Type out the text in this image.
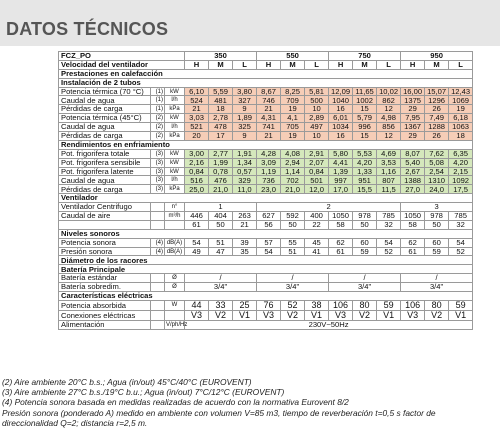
DATOS TÉCNICOS
FCZ_PO			350			550			750			950		
Velocidad del ventilador			H	M	L	H	M	L	H	M	L	H	M	L
Prestaciones en calefacción														
Instalación de 2 tubos														
Potencia térmica (70 °C)	(1)	kW	6,10	5,59	3,80	8,67	8,25	5,81	12,09	11,65	10,02	16,00	15,07	12,43
Caudal de agua	(1)	l/h	524	481	327	746	709	500	1040	1002	862	1375	1296	1069
Pérdidas de carga	(1)	kPa	21	18	9	21	19	10	16	15	12	29	26	19
Potencia térmica (45°C)	(2)	kW	3,03	2,78	1,89	4,31	4,1	2,89	6,01	5,79	4,98	7,95	7,49	6,18
Caudal de agua	(2)	l/h	521	478	325	741	705	497	1034	996	856	1367	1288	1063
Pérdidas de carga	(2)	kPa	20	17	9	21	19	10	16	15	12	29	26	18
Rendimientos en enfriamiento														
Pot. frigorifera totale	(3)	kW	3,00	2,77	1,91	4,28	4,08	2,91	5,80	5,53	4,69	8,07	7,62	6,35
Pot. frigorifera sensibile	(3)	kW	2,16	1,99	1,34	3,09	2,94	2,07	4,41	4,20	3,53	5,40	5,08	4,20
Pot. frigorifera latente	(3)	kW	0,84	0,78	0,57	1,19	1,14	0,84	1,39	1,33	1,16	2,67	2,54	2,15
Caudal de agua	(3)	l/h	516	476	329	736	702	501	997	951	807	1388	1310	1092
Pérdidas de carga	(3)	kPa	25,0	21,0	11,0	23,0	21,0	12,0	17,0	15,5	11,5	27,0	24,0	17,5
Ventilador														
Ventilador Centrifugo		n°	1			2						3		
Caudal de aire		m³/h	446	404	263	627	592	400	1050	978	785	1050	978	785
			61	50	21	56	50	22	58	50	32	58	50	32
Niveles sonoros														
Potencia sonora	(4)	dB(A)	54	51	39	57	55	45	62	60	54	62	60	54
Presión sonora	(4)	dB(A)	49	47	35	54	51	41	61	59	52	61	59	52
Diámetro de los racores														
Batería Principale														
Batería estándar		Ø	/			/			/			/		
Batería sobredim.		Ø	3/4"			3/4"			3/4"			3/4"		
Características eléctricas														
Potencia absorbida		W	44	33	25	76	52	38	106	80	59	106	80	59
Conexiones eléctricas			V3	V2	V1	V3	V2	V1	V3	V2	V1	V3	V2	V1
Alimentación		V/ph/Hz	230V~50Hz											
(2) Aire ambiente 20°C b.s.; Agua (in/out) 45°C/40°C (EUROVENT)
(3) Aire ambiente 27°C b.s./19°C b.u.; Agua (in/out) 7°C/12°C (EUROVENT)
(4) Potencia sonora basada en medidas realizadas de acuerdo con la normativa Eurovent 8/2
Presión sonora (ponderado A) medido en ambiente con volumen V=85 m3, tiempo de reverberación t=0,5 s factor de
direccionalidad Q=2; distancia r=2,5 m.
